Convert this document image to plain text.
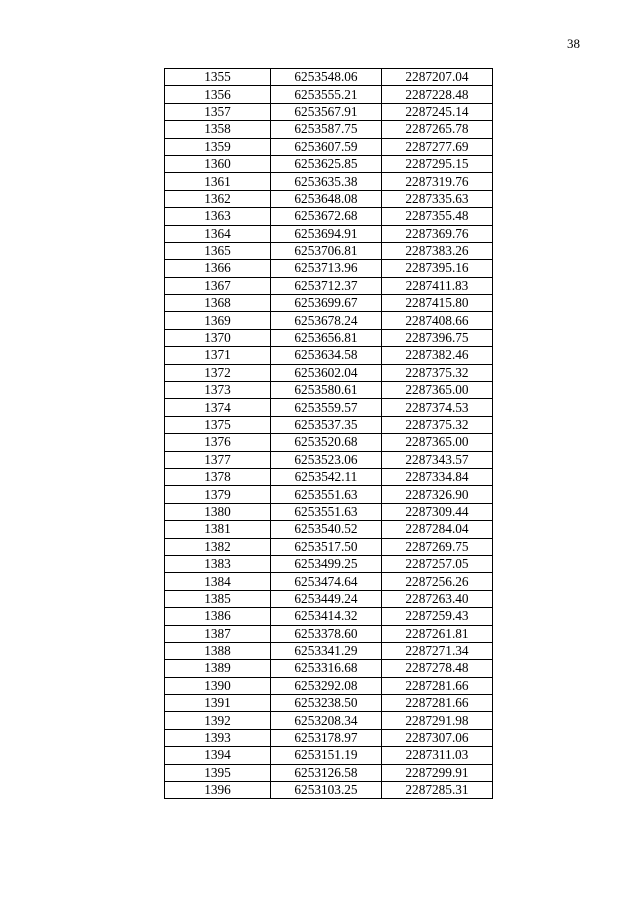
38
1355	6253548.06	2287207.04
1356	6253555.21	2287228.48
1357	6253567.91	2287245.14
1358	6253587.75	2287265.78
1359	6253607.59	2287277.69
1360	6253625.85	2287295.15
1361	6253635.38	2287319.76
1362	6253648.08	2287335.63
1363	6253672.68	2287355.48
1364	6253694.91	2287369.76
1365	6253706.81	2287383.26
1366	6253713.96	2287395.16
1367	6253712.37	2287411.83
1368	6253699.67	2287415.80
1369	6253678.24	2287408.66
1370	6253656.81	2287396.75
1371	6253634.58	2287382.46
1372	6253602.04	2287375.32
1373	6253580.61	2287365.00
1374	6253559.57	2287374.53
1375	6253537.35	2287375.32
1376	6253520.68	2287365.00
1377	6253523.06	2287343.57
1378	6253542.11	2287334.84
1379	6253551.63	2287326.90
1380	6253551.63	2287309.44
1381	6253540.52	2287284.04
1382	6253517.50	2287269.75
1383	6253499.25	2287257.05
1384	6253474.64	2287256.26
1385	6253449.24	2287263.40
1386	6253414.32	2287259.43
1387	6253378.60	2287261.81
1388	6253341.29	2287271.34
1389	6253316.68	2287278.48
1390	6253292.08	2287281.66
1391	6253238.50	2287281.66
1392	6253208.34	2287291.98
1393	6253178.97	2287307.06
1394	6253151.19	2287311.03
1395	6253126.58	2287299.91
1396	6253103.25	2287285.31
